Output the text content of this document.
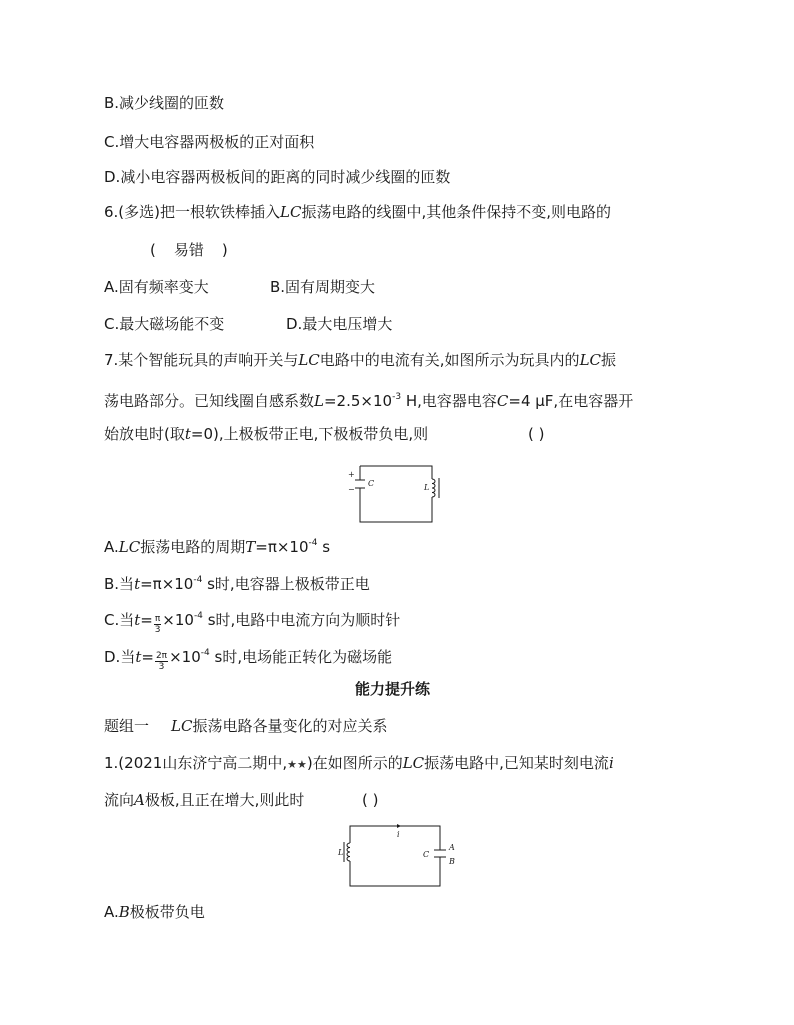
B.减少线圈的匝数
C.增大电容器两极板的正对面积
D.减小电容器两极板间的距离的同时减少线圈的匝数
6.(多选)把一根软铁棒插入LC振荡电路的线圈中,其他条件保持不变,则电路的
( 易错 )
A.固有频率变大	B.固有周期变大
C.最大磁场能不变	D.最大电压增大
7.某个智能玩具的声响开关与LC电路中的电流有关,如图所示为玩具内的LC振
荡电路部分。已知线圈自感系数$L=2.5\times 10^{-3}$ H,电容器电容C=4 μF,在电容器开
始放电时(取t=0),上极板带正电,下极板带负电,则	( )
+
−
C	L
A.LC振荡电路的周期$T=\pi\times 10^{-4}$ s
B.当$t=\pi\times 10^{-4}$ s时,电容器上极板带正电
C.当$t= \frac{\pi}{3} \times 10^{-4}$ s时,电路中电流方向为顺时针
D.当$t= \frac{2\pi}{3} \times 10^{-4}$ s时,电场能正转化为磁场能
能力提升练
题组一 LC振荡电路各量变化的对应关系
1.(2021山东济宁高二期中,★★)在如图所示的LC振荡电路中,已知某时刻电流i
流向A极板,且正在增大,则此时	( )
i
L	C
A
B
A.B极板带负电
